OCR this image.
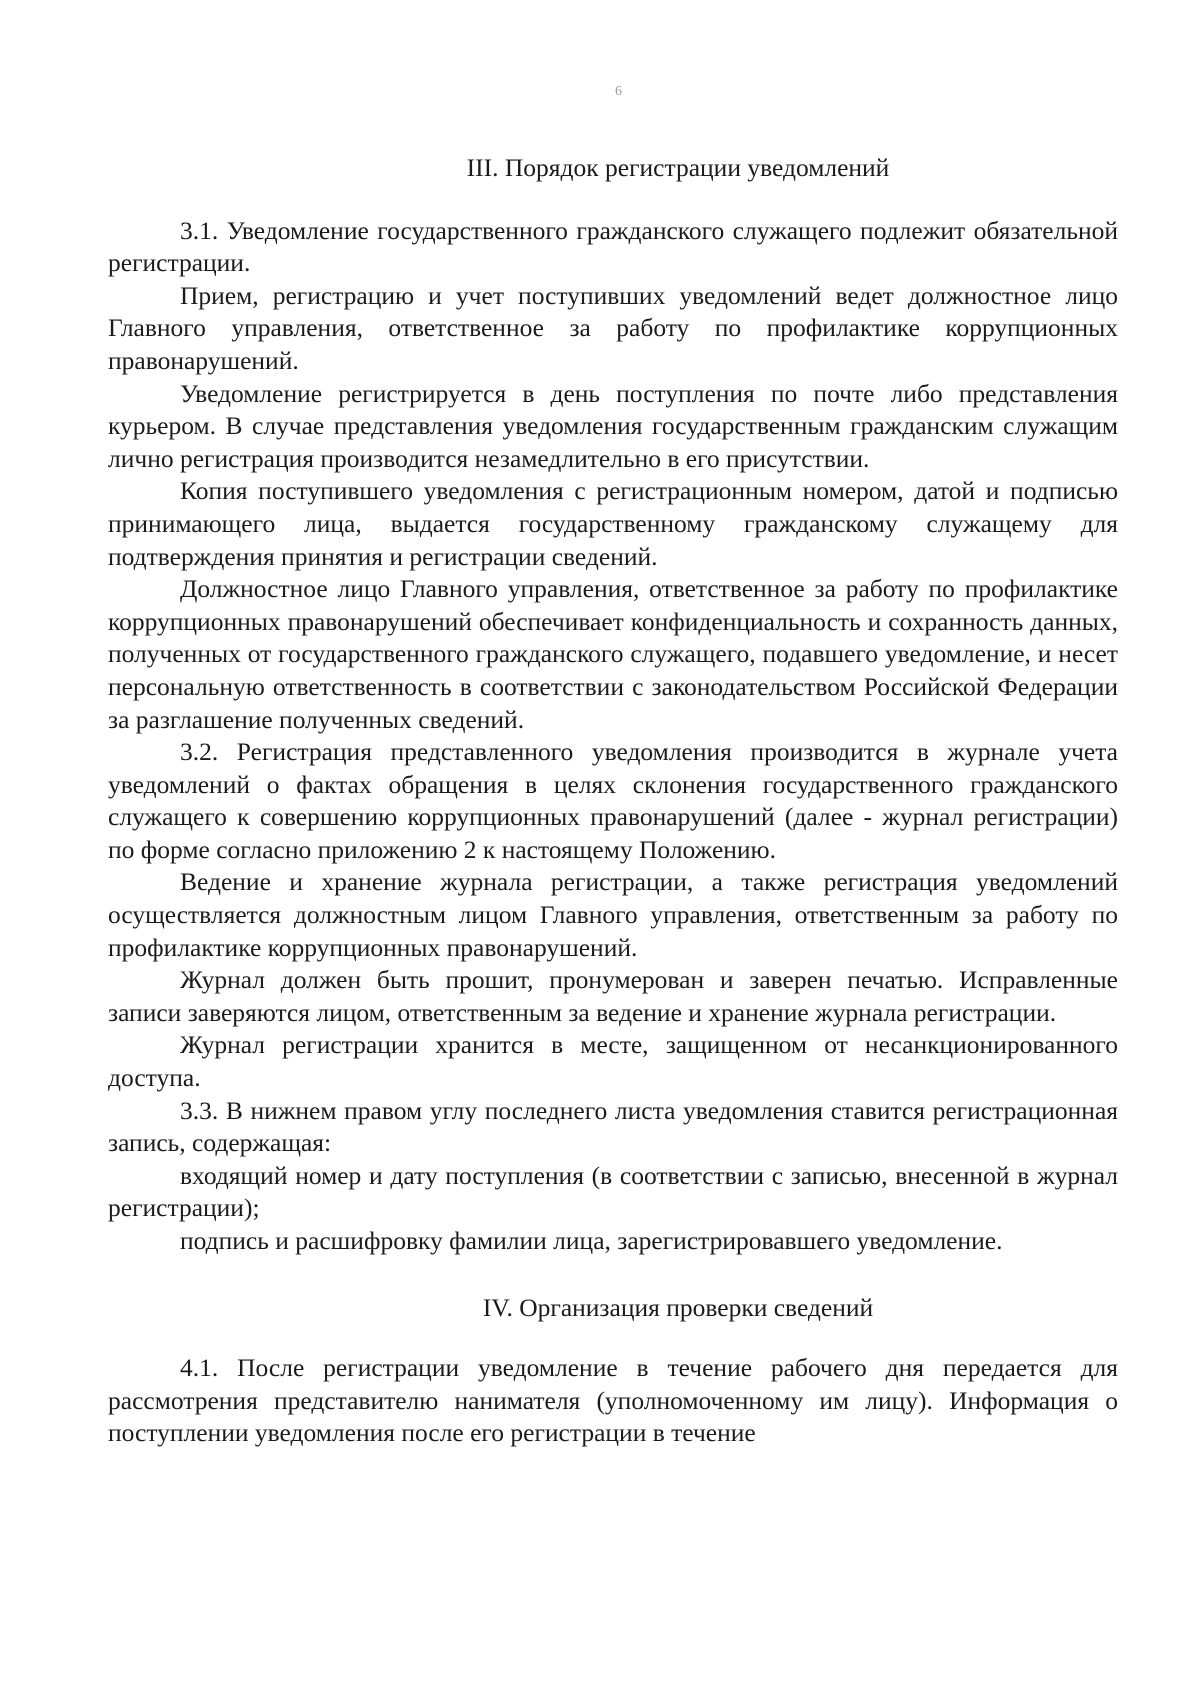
6
III. Порядок регистрации уведомлений

3.1. Уведомление государственного гражданского служащего подлежит обязательной регистрации.

Прием, регистрацию и учет поступивших уведомлений ведет должностное лицо Главного управления, ответственное за работу по профилактике коррупционных правонарушений.

Уведомление регистрируется в день поступления по почте либо представления курьером. В случае представления уведомления государственным гражданским служащим лично регистрация производится незамедлительно в его присутствии.

Копия поступившего уведомления с регистрационным номером, датой и подписью принимающего лица, выдается государственному гражданскому служащему для подтверждения принятия и регистрации сведений.

Должностное лицо Главного управления, ответственное за работу по профилактике коррупционных правонарушений обеспечивает конфиденциальность и сохранность данных, полученных от государственного гражданского служащего, подавшего уведомление, и несет персональную ответственность в соответствии с законодательством Российской Федерации за разглашение полученных сведений.

3.2. Регистрация представленного уведомления производится в журнале учета уведомлений о фактах обращения в целях склонения государственного гражданского служащего к совершению коррупционных правонарушений (далее - журнал регистрации) по форме согласно приложению 2 к настоящему Положению.

Ведение и хранение журнала регистрации, а также регистрация уведомлений осуществляется должностным лицом Главного управления, ответственным за работу по профилактике коррупционных правонарушений.

Журнал должен быть прошит, пронумерован и заверен печатью. Исправленные записи заверяются лицом, ответственным за ведение и хранение журнала регистрации.

Журнал регистрации хранится в месте, защищенном от несанкционированного доступа.

3.3. В нижнем правом углу последнего листа уведомления ставится регистрационная запись, содержащая:

входящий номер и дату поступления (в соответствии с записью, внесенной в журнал регистрации);

подпись и расшифровку фамилии лица, зарегистрировавшего уведомление.

IV. Организация проверки сведений

4.1. После регистрации уведомление в течение рабочего дня передается для рассмотрения представителю нанимателя (уполномоченному им лицу). Информация о поступлении уведомления после его регистрации в течение
